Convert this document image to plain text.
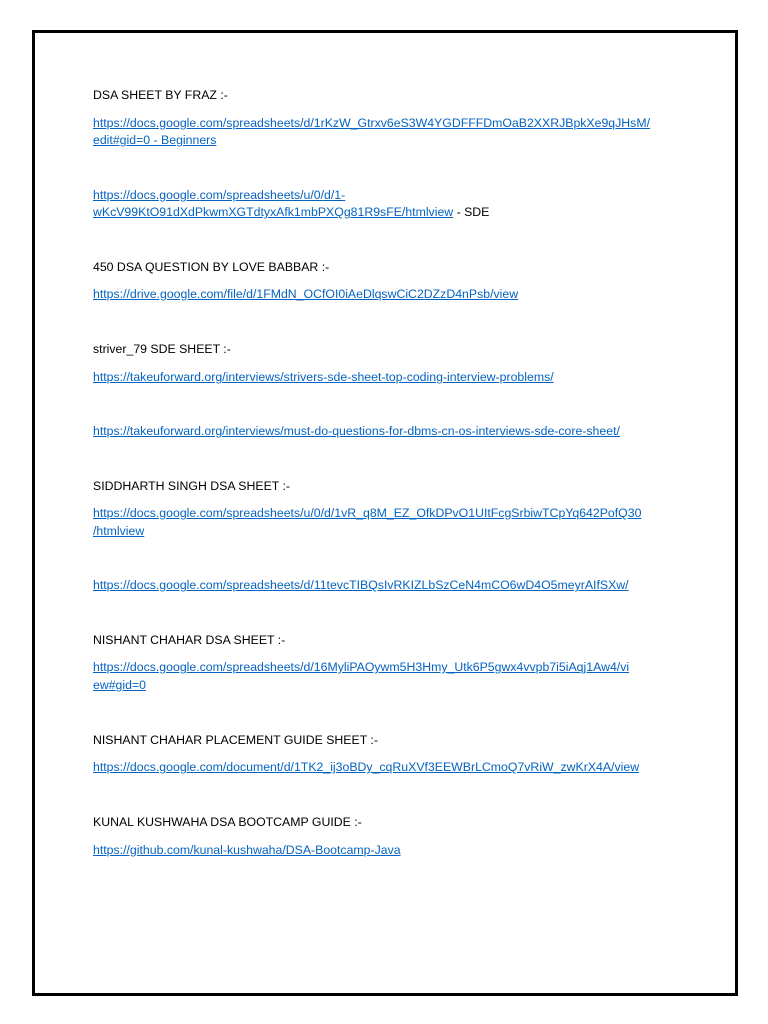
DSA SHEET BY FRAZ :-
https://docs.google.com/spreadsheets/d/1rKzW_Gtrxv6eS3W4YGDFFFDmOaB2XXRJBpkXe9qJHsM/
edit#gid=0 - Beginners
https://docs.google.com/spreadsheets/u/0/d/1-
wKcV99KtO91dXdPkwmXGTdtyxAfk1mbPXQg81R9sFE/htmlview - SDE
450 DSA QUESTION BY LOVE BABBAR :-
https://drive.google.com/file/d/1FMdN_OCfOI0iAeDlqswCiC2DZzD4nPsb/view
striver_79 SDE SHEET :-
https://takeuforward.org/interviews/strivers-sde-sheet-top-coding-interview-problems/
https://takeuforward.org/interviews/must-do-questions-for-dbms-cn-os-interviews-sde-core-sheet/
SIDDHARTH SINGH DSA SHEET :-
https://docs.google.com/spreadsheets/u/0/d/1vR_q8M_EZ_OfkDPvO1UItFcgSrbiwTCpYq642PofQ30
/htmlview
https://docs.google.com/spreadsheets/d/11tevcTIBQsIvRKIZLbSzCeN4mCO6wD4O5meyrAIfSXw/
NISHANT CHAHAR DSA SHEET :-
https://docs.google.com/spreadsheets/d/16MyliPAOywm5H3Hmy_Utk6P5gwx4vvpb7i5iAqj1Aw4/vi
ew#gid=0
NISHANT CHAHAR PLACEMENT GUIDE SHEET :-
https://docs.google.com/document/d/1TK2_ij3oBDy_cqRuXVf3EEWBrLCmoQ7vRiW_zwKrX4A/view
KUNAL KUSHWAHA DSA BOOTCAMP GUIDE :-
https://github.com/kunal-kushwaha/DSA-Bootcamp-Java
